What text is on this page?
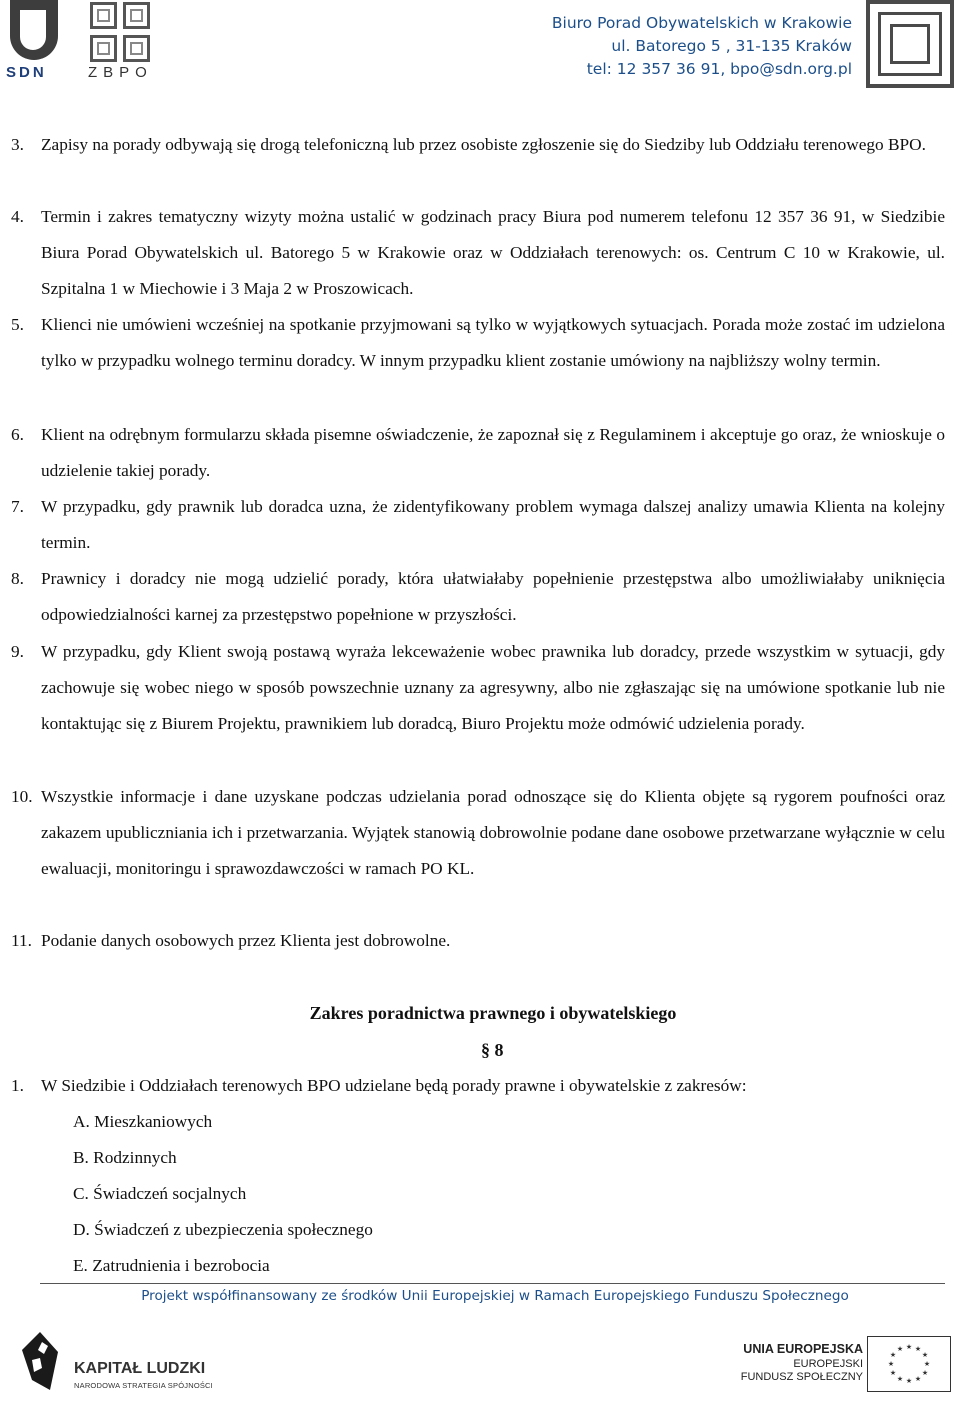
SDN	ZBPO
Biuro Porad Obywatelskich w Krakowie
ul. Batorego 5 , 31-135 Kraków
tel: 12 357 36 91, bpo@sdn.org.pl
3. Zapisy na porady odbywają się drogą telefoniczną lub przez osobiste zgłoszenie się do Siedziby lub Oddziału terenowego BPO.
4. Termin i zakres tematyczny wizyty można ustalić w godzinach pracy Biura pod numerem telefonu 12 357 36 91, w Siedzibie Biura Porad Obywatelskich ul. Batorego 5 w Krakowie oraz w Oddziałach terenowych: os. Centrum C 10 w Krakowie, ul. Szpitalna 1 w Miechowie i 3 Maja 2 w Proszowicach.
5. Klienci nie umówieni wcześniej na spotkanie przyjmowani są tylko w wyjątkowych sytuacjach. Porada może zostać im udzielona tylko w przypadku wolnego terminu doradcy. W innym przypadku klient zostanie umówiony na najbliższy wolny termin.
6. Klient na odrębnym formularzu składa pisemne oświadczenie, że zapoznał się z Regulaminem i akceptuje go oraz, że wnioskuje o udzielenie takiej porady.
7. W przypadku, gdy prawnik lub doradca uzna, że zidentyfikowany problem wymaga dalszej analizy umawia Klienta na kolejny termin.
8. Prawnicy i doradcy nie mogą udzielić porady, która ułatwiałaby popełnienie przestępstwa albo umożliwiałaby uniknięcia odpowiedzialności karnej za przestępstwo popełnione w przyszłości.
9. W przypadku, gdy Klient swoją postawą wyraża lekceważenie wobec prawnika lub doradcy, przede wszystkim w sytuacji, gdy zachowuje się wobec niego w sposób powszechnie uznany za agresywny, albo nie zgłaszając się na umówione spotkanie lub nie kontaktując się z Biurem Projektu, prawnikiem lub doradcą, Biuro Projektu może odmówić udzielenia porady.
10. Wszystkie informacje i dane uzyskane podczas udzielania porad odnoszące się do Klienta objęte są rygorem poufności oraz zakazem upubliczniania ich i przetwarzania. Wyjątek stanowią dobrowolnie podane dane osobowe przetwarzane wyłącznie w celu ewaluacji, monitoringu i sprawozdawczości w ramach PO KL.
11. Podanie danych osobowych przez Klienta jest dobrowolne.
Zakres poradnictwa prawnego i obywatelskiego
§ 8
1. W Siedzibie i Oddziałach terenowych BPO udzielane będą porady prawne i obywatelskie z zakresów:
A. Mieszkaniowych
B. Rodzinnych
C. Świadczeń socjalnych
D. Świadczeń z ubezpieczenia społecznego
E. Zatrudnienia i bezrobocia
Projekt współfinansowany ze środków Unii Europejskiej w Ramach Europejskiego Funduszu Społecznego
KAPITAŁ LUDZKI
NARODOWA STRATEGIA SPÓJNOŚCI
UNIA EUROPEJSKA
EUROPEJSKI
FUNDUSZ SPOŁECZNY
★ ★
★
★
★
★
★
★
★
★
★
★
